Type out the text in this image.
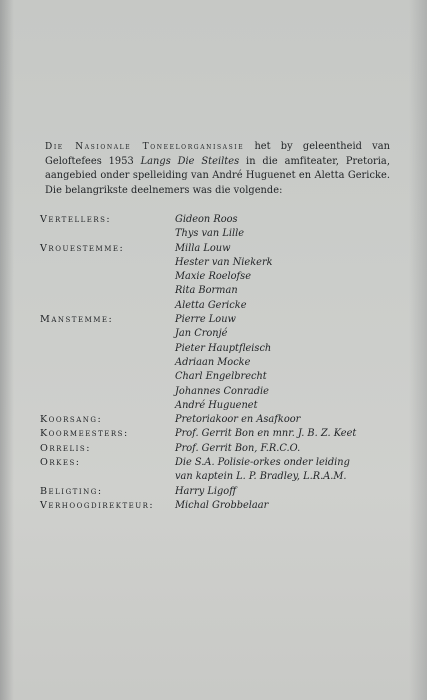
Die Nasionale Toneelorganisasie het by geleentheid van Geloftefees 1953 Langs Die Steiltes in die amfiteater, Pretoria, aangebied onder spelleiding van André Huguenet en Aletta Gericke. Die belangrikste deelnemers was die volgende:
Vertellers:	Gideon Roos
Thys van Lille
Vrouestemme:	Milla Louw
Hester van Niekerk
Maxie Roelofse
Rita Borman
Aletta Gericke
Manstemme:	Pierre Louw
Jan Cronjé
Pieter Hauptfleisch
Adriaan Mocke
Charl Engelbrecht
Johannes Conradie
André Huguenet
Koorsang:	Pretoriakoor en Asafkoor
Koormeesters:	Prof. Gerrit Bon en mnr. J. B. Z. Keet
Orrelis:	Prof. Gerrit Bon, F.R.C.O.
Orkes:	Die S.A. Polisie-orkes onder leiding
van kaptein L. P. Bradley, L.R.A.M.
Beligting:	Harry Ligoff
Verhoogdirekteur: Michal Grobbelaar
